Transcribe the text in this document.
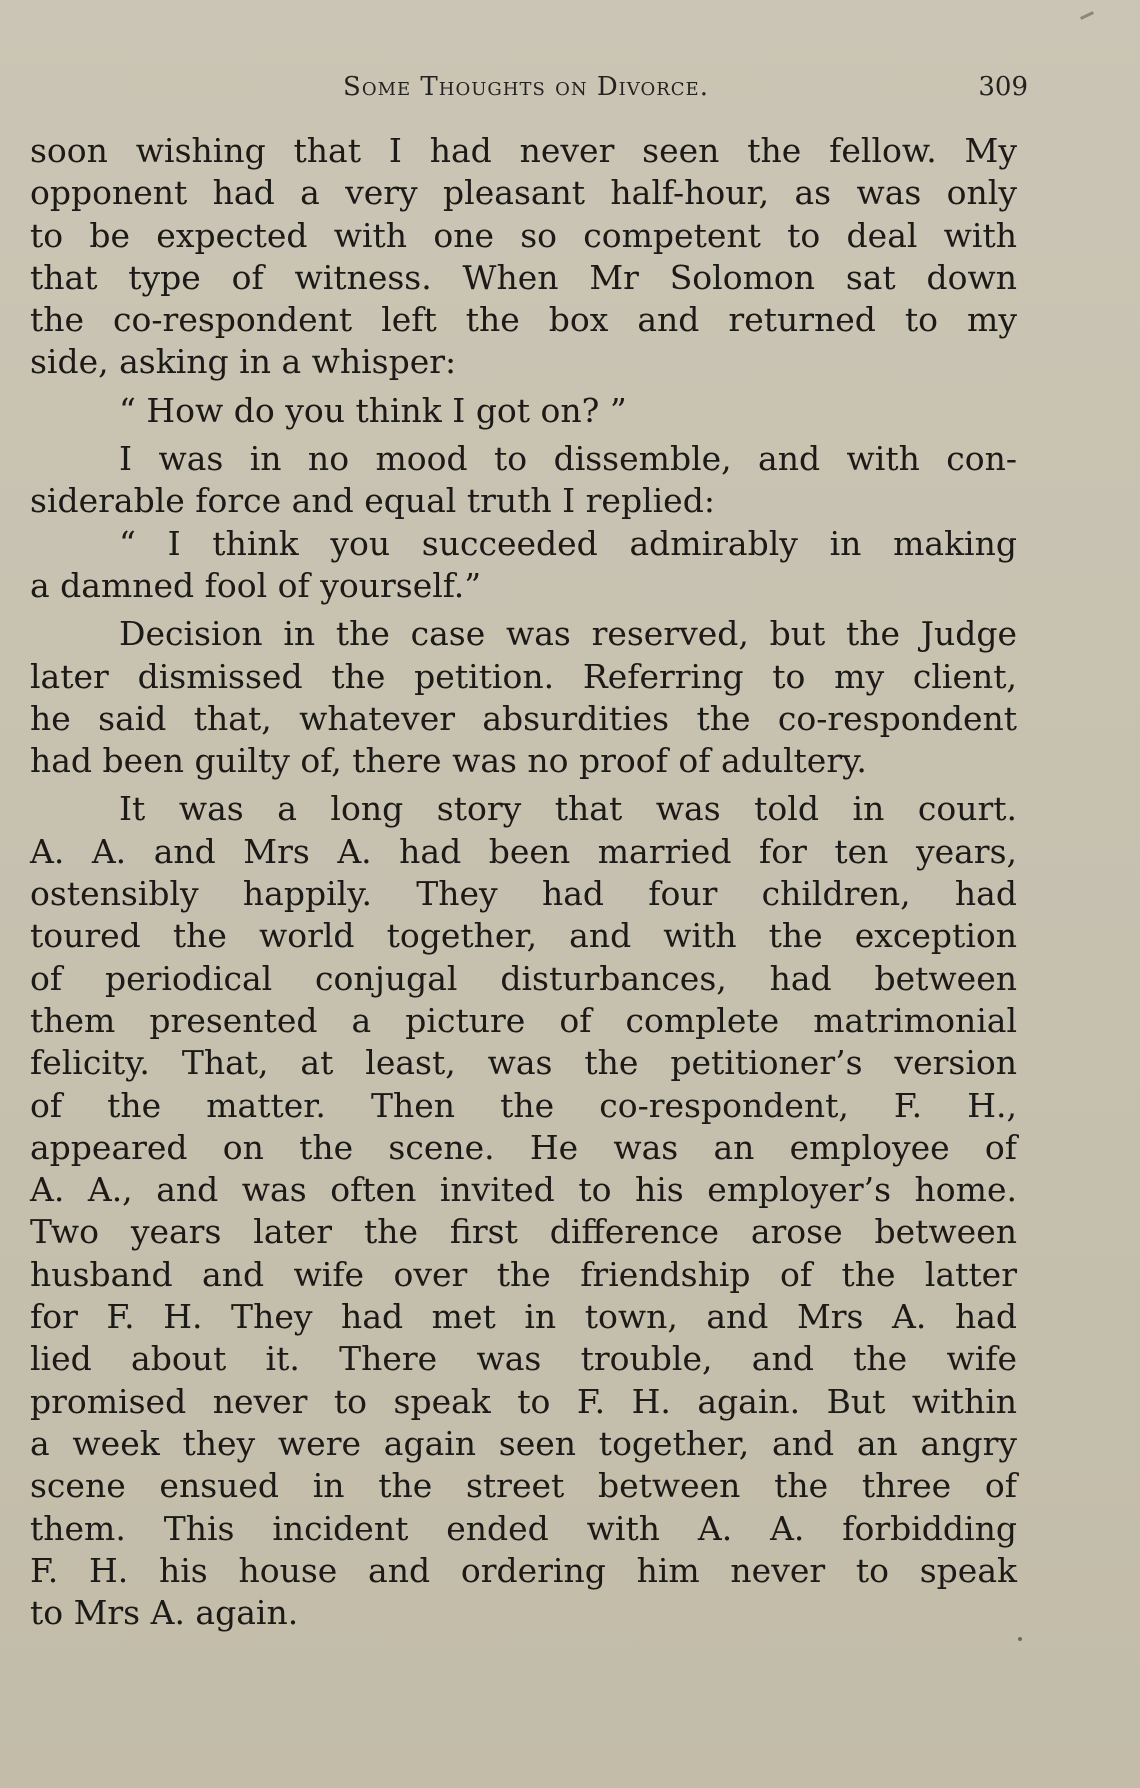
Some Thoughts on Divorce.	309
soon wishing that I had never seen the fellow. My
opponent had a very pleasant half-hour, as was only
to be expected with one so competent to deal with
that type of witness. When Mr Solomon sat down
the co-respondent left the box and returned to my
side, asking in a whisper:
“ How do you think I got on? ”
I was in no mood to dissemble, and with con-
siderable force and equal truth I replied:
“ I think you succeeded admirably in making
a damned fool of yourself.”
Decision in the case was reserved, but the Judge
later dismissed the petition. Referring to my client,
he said that, whatever absurdities the co-respondent
had been guilty of, there was no proof of adultery.
It was a long story that was told in court.
A. A. and Mrs A. had been married for ten years,
ostensibly happily. They had four children, had
toured the world together, and with the exception
of periodical conjugal disturbances, had between
them presented a picture of complete matrimonial
felicity. That, at least, was the petitioner’s version
of the matter. Then the co-respondent, F. H.,
appeared on the scene. He was an employee of
A. A., and was often invited to his employer’s home.
Two years later the first difference arose between
husband and wife over the friendship of the latter
for F. H. They had met in town, and Mrs A. had
lied about it. There was trouble, and the wife
promised never to speak to F. H. again. But within
a week they were again seen together, and an angry
scene ensued in the street between the three of
them. This incident ended with A. A. forbidding
F. H. his house and ordering him never to speak
to Mrs A. again.
